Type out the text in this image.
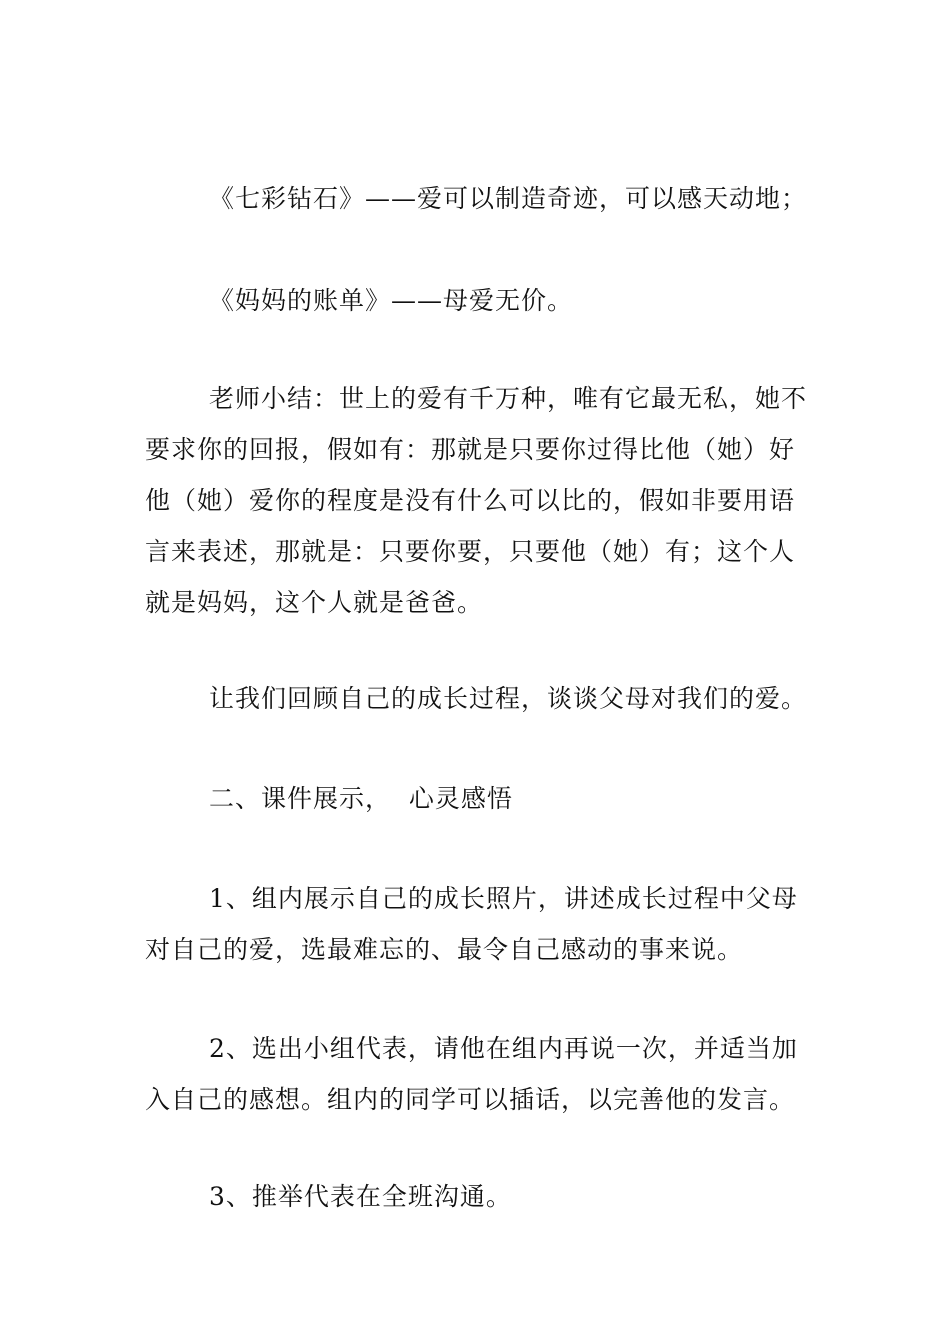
《七彩钻石》——爱可以制造奇迹，可以感天动地；

《妈妈的账单》——母爱无价。

老师小结：世上的爱有千万种，唯有它最无私，她不要求你的回报，假如有：那就是只要你过得比他（她）好他（她）爱你的程度是没有什么可以比的，假如非要用语言来表述，那就是：只要你要，只要他（她）有；这个人就是妈妈，这个人就是爸爸。

让我们回顾自己的成长过程，谈谈父母对我们的爱。

二、课件展示，  心灵感悟

1、组内展示自己的成长照片，讲述成长过程中父母对自己的爱，选最难忘的、最令自己感动的事来说。

2、选出小组代表，请他在组内再说一次，并适当加入自己的感想。组内的同学可以插话，以完善他的发言。

3、推举代表在全班沟通。
